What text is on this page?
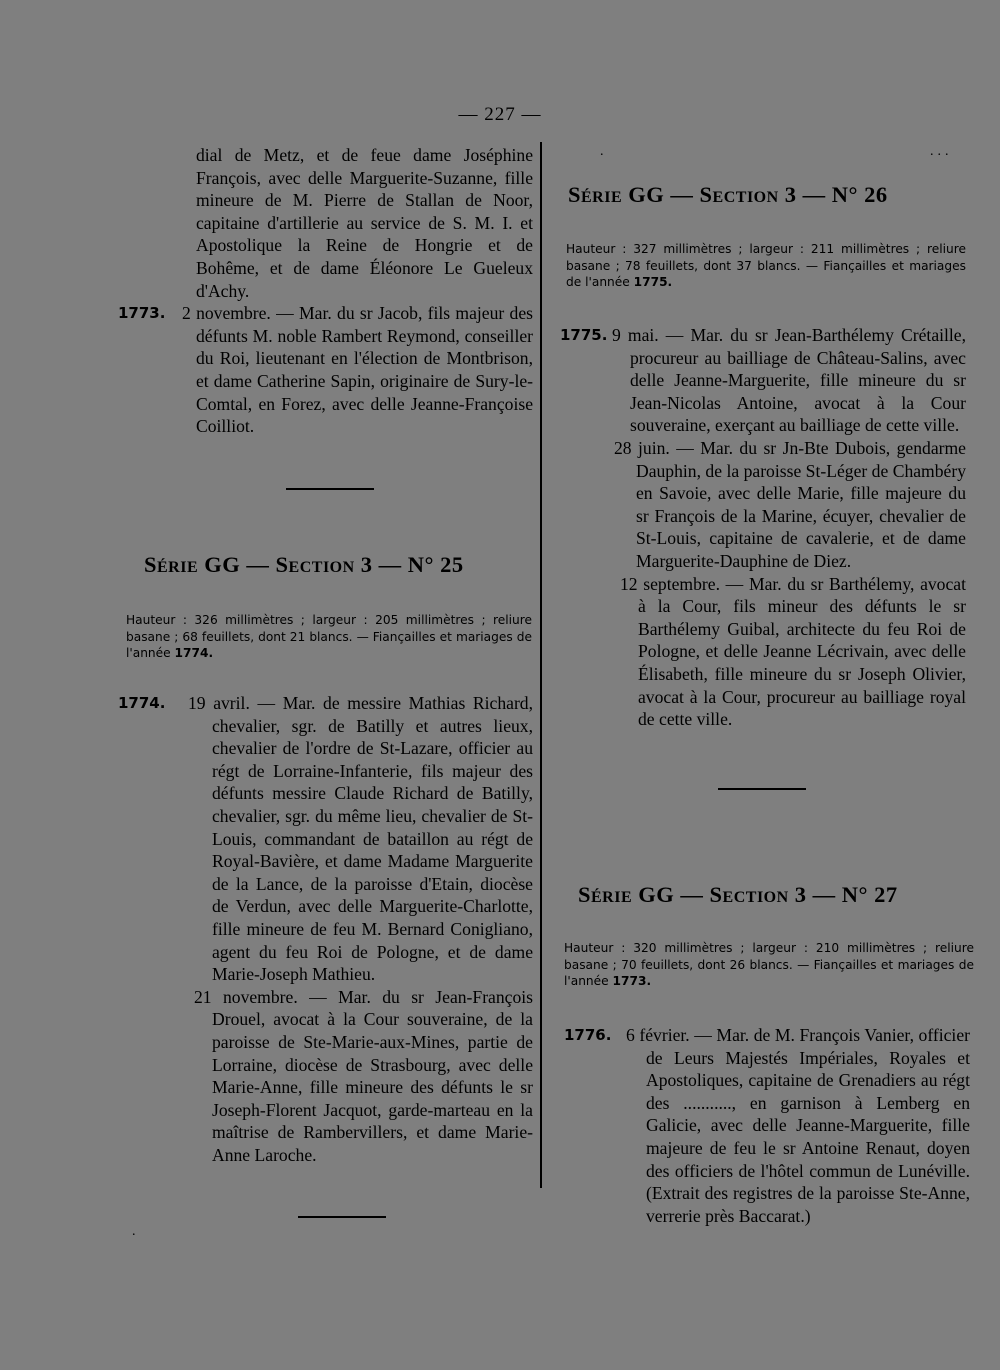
— 227 —
dial de Metz, et de feue dame Joséphine François, avec delle Marguerite-Suzanne, fille mineure de M. Pierre de Stallan de Noor, capitaine d'artillerie au service de S. M. I. et Apostolique la Reine de Hongrie et de Bohême, et de dame Éléonore Le Gueleux d'Achy.
1773. 2 novembre. — Mar. du sr Jacob, fils majeur des défunts M. noble Rambert Reymond, conseiller du Roi, lieutenant en l'élection de Montbrison, et dame Catherine Sapin, originaire de Sury-le-Comtal, en Forez, avec delle Jeanne-Françoise Coilliot.
Série GG — Section 3 — N° 25

Hauteur : 326 millimètres ; largeur : 205 millimètres ; reliure basane ; 68 feuillets, dont 21 blancs. — Fiançailles et mariages de l'année 1774.

1774. 19 avril. — Mar. de messire Mathias Richard, chevalier, sgr. de Batilly et autres lieux, chevalier de l'ordre de St-Lazare, officier au régt de Lorraine-Infanterie, fils majeur des défunts messire Claude Richard de Batilly, chevalier, sgr. du même lieu, chevalier de St-Louis, commandant de bataillon au régt de Royal-Bavière, et dame Madame Marguerite de la Lance, de la paroisse d'Etain, diocèse de Verdun, avec delle Marguerite-Charlotte, fille mineure de feu M. Bernard Conigliano, agent du feu Roi de Pologne, et de dame Marie-Joseph Mathieu.
21 novembre. — Mar. du sr Jean-François Drouel, avocat à la Cour souveraine, de la paroisse de Ste-Marie-aux-Mines, partie de Lorraine, diocèse de Strasbourg, avec delle Marie-Anne, fille mineure des défunts le sr Joseph-Florent Jacquot, garde-marteau en la maîtrise de Rambervillers, et dame Marie-Anne Laroche.
.
.	...
Série GG — Section 3 — N° 26

Hauteur : 327 millimètres ; largeur : 211 millimètres ; reliure basane ; 78 feuillets, dont 37 blancs. — Fiançailles et mariages de l'année 1775.

1775. 9 mai. — Mar. du sr Jean-Barthélemy Crétaille, procureur au bailliage de Château-Salins, avec delle Jeanne-Marguerite, fille mineure du sr Jean-Nicolas Antoine, avocat à la Cour souveraine, exerçant au bailliage de cette ville.
28 juin. — Mar. du sr Jn-Bte Dubois, gendarme Dauphin, de la paroisse St-Léger de Chambéry en Savoie, avec delle Marie, fille majeure du sr François de la Marine, écuyer, chevalier de St-Louis, capitaine de cavalerie, et de dame Marguerite-Dauphine de Diez.
12 septembre. — Mar. du sr Barthélemy, avocat à la Cour, fils mineur des défunts le sr Barthélemy Guibal, architecte du feu Roi de Pologne, et delle Jeanne Lécrivain, avec delle Élisabeth, fille mineure du sr Joseph Olivier, avocat à la Cour, procureur au bailliage royal de cette ville.
Série GG — Section 3 — N° 27

Hauteur : 320 millimètres ; largeur : 210 millimètres ; reliure basane ; 70 feuillets, dont 26 blancs. — Fiançailles et mariages de l'année 1773.

1776. 6 février. — Mar. de M. François Vanier, officier de Leurs Majestés Impériales, Royales et Apostoliques, capitaine de Grenadiers au régt des ..........., en garnison à Lemberg en Galicie, avec delle Jeanne-Marguerite, fille majeure de feu le sr Antoine Renaut, doyen des officiers de l'hôtel commun de Lunéville. (Extrait des registres de la paroisse Ste-Anne, verrerie près Baccarat.)
